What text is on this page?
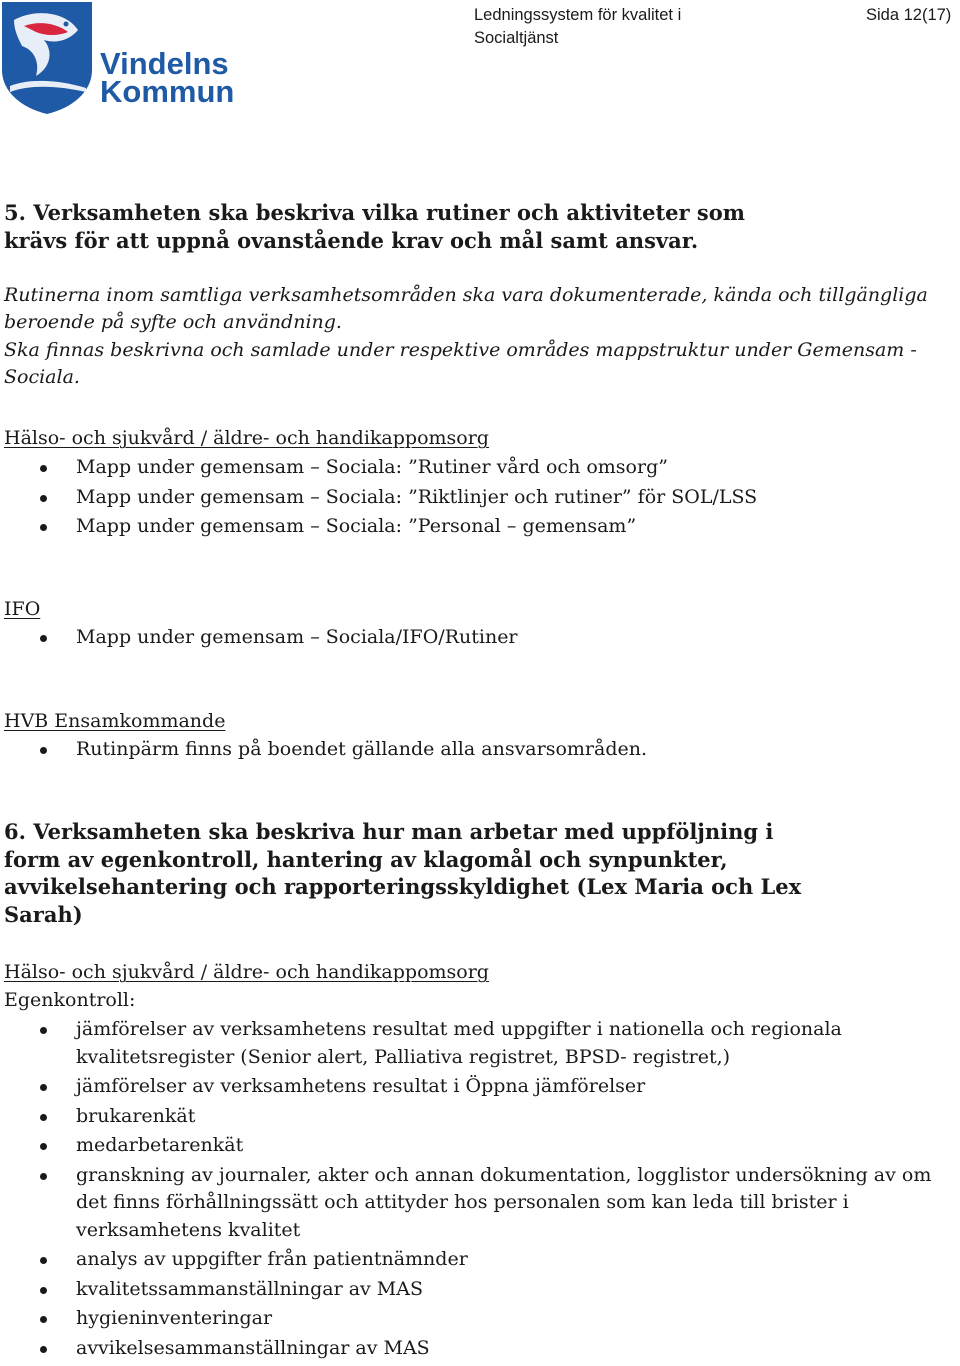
Vindelns
Kommun
Ledningssystem för kvalitet i Socialtjänst
Sida 12(17)

5. Verksamheten ska beskriva vilka rutiner och aktiviteter som krävs för att uppnå ovanstående krav och mål samt ansvar.

Rutinerna inom samtliga verksamhetsområden ska vara dokumenterade, kända och tillgängliga beroende på syfte och användning.

Ska finnas beskrivna och samlade under respektive områdes mappstruktur under Gemensam - Sociala.

Hälso- och sjukvård / äldre- och handikappomsorg

Mapp under gemensam – Sociala: ”Rutiner vård och omsorg”
Mapp under gemensam – Sociala: ”Riktlinjer och rutiner” för SOL/LSS
Mapp under gemensam – Sociala: ”Personal – gemensam”

IFO

Mapp under gemensam – Sociala/IFO/Rutiner

HVB Ensamkommande

Rutinpärm finns på boendet gällande alla ansvarsområden.

6. Verksamheten ska beskriva hur man arbetar med uppföljning i form av egenkontroll, hantering av klagomål och synpunkter, avvikelsehantering och rapporteringsskyldighet (Lex Maria och Lex Sarah)

Hälso- och sjukvård / äldre- och handikappomsorg

Egenkontroll:

jämförelser av verksamhetens resultat med uppgifter i nationella och regionala kvalitetsregister (Senior alert, Palliativa registret, BPSD- registret,)
jämförelser av verksamhetens resultat i Öppna jämförelser
brukarenkät
medarbetarenkät
granskning av journaler, akter och annan dokumentation, logglistor undersökning av om det finns förhållningssätt och attityder hos personalen som kan leda till brister i verksamhetens kvalitet
analys av uppgifter från patientnämnder
kvalitetssammanställningar av MAS
hygieninventeringar
avvikelsesammanställningar av MAS
